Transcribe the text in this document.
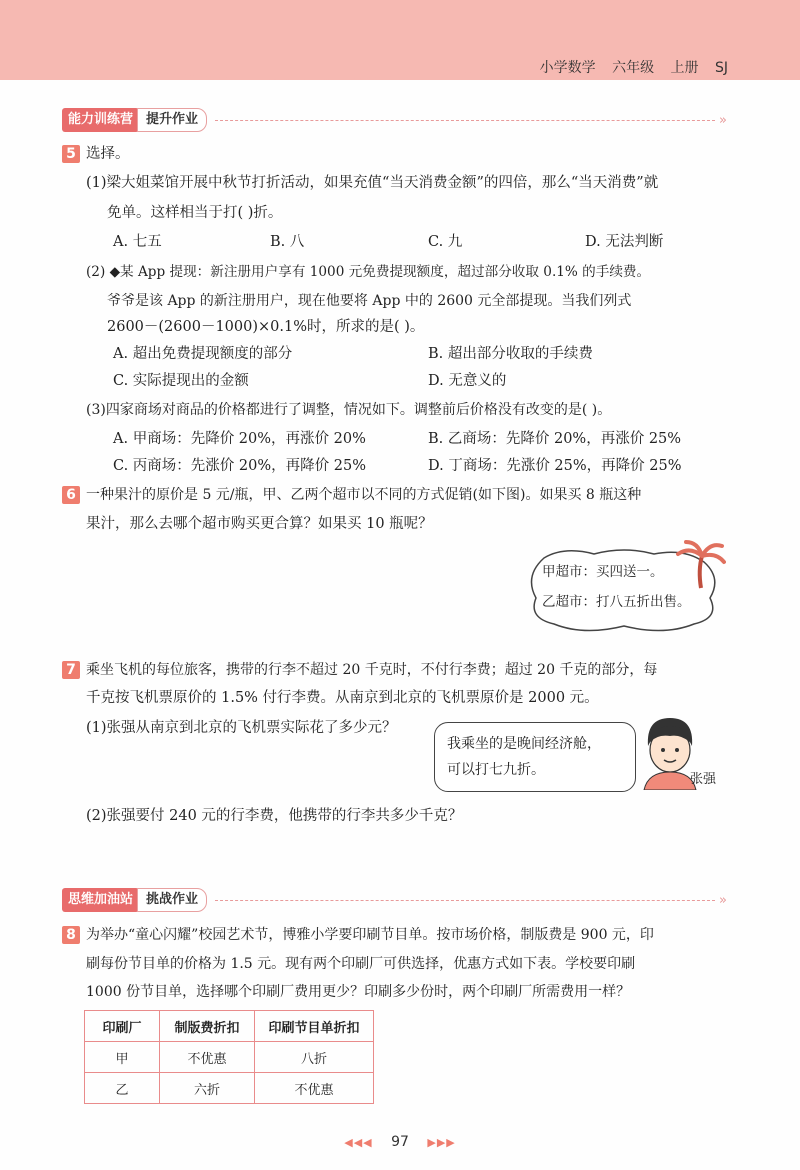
小学数学 六年级 上册 SJ
能力训练营	提升作业	»
5 选择。
(1)梁大姐菜馆开展中秋节打折活动，如果充值“当天消费金额”的四倍，那么“当天消费”就
免单。这样相当于打( )折。
A. 七五	B. 八	C. 九	D. 无法判断
(2) ◆某 App 提现：新注册用户享有 1000 元免费提现额度，超过部分收取 0.1% 的手续费。
爷爷是该 App 的新注册用户，现在他要将 App 中的 2600 元全部提现。当我们列式
2600－(2600－1000)×0.1%时，所求的是( )。
A. 超出免费提现额度的部分	B. 超出部分收取的手续费
C. 实际提现出的金额	D. 无意义的
(3)四家商场对商品的价格都进行了调整，情况如下。调整前后价格没有改变的是( )。
A. 甲商场：先降价 20%，再涨价 20%	B. 乙商场：先降价 20%，再涨价 25%
C. 丙商场：先涨价 20%，再降价 25%	D. 丁商场：先涨价 25%，再降价 25%
6 一种果汁的原价是 5 元/瓶，甲、乙两个超市以不同的方式促销(如下图)。如果买 8 瓶这种
果汁，那么去哪个超市购买更合算？如果买 10 瓶呢？
甲超市：买四送一。
乙超市：打八五折出售。
7 乘坐飞机的每位旅客，携带的行李不超过 20 千克时，不付行李费；超过 20 千克的部分，每
千克按飞机票原价的 1.5% 付行李费。从南京到北京的飞机票原价是 2000 元。
(1)张强从南京到北京的飞机票实际花了多少元？
我乘坐的是晚间经济舱，
可以打七九折。
张强
(2)张强要付 240 元的行李费，他携带的行李共多少千克？
思维加油站	挑战作业	»
8 为举办“童心闪耀”校园艺术节，博雅小学要印刷节目单。按市场价格，制版费是 900 元，印
刷每份节目单的价格为 1.5 元。现有两个印刷厂可供选择，优惠方式如下表。学校要印刷
1000 份节目单，选择哪个印刷厂费用更少？印刷多少份时，两个印刷厂所需费用一样？
印刷厂	制版费折扣	印刷节目单折扣
甲	不优惠	八折
乙	六折	不优惠
◀◀◀ 97 ▶▶▶
